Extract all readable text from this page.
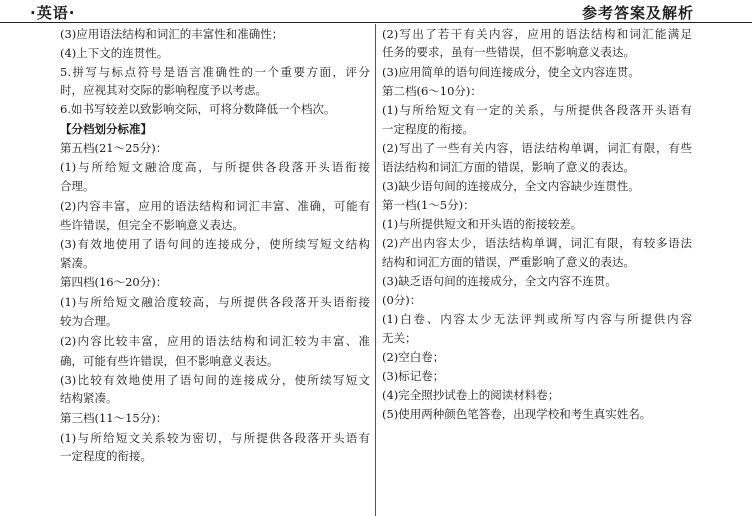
·英语·	参考答案及解析
(3)应用语法结构和词汇的丰富性和准确性；
(4)上下文的连贯性。
5.拼写与标点符号是语言准确性的一个重要方面，评分
时，应视其对交际的影响程度予以考虑。
6.如书写较差以致影响交际，可将分数降低一个档次。
【分档划分标准】
第五档(21～25分)：
(1)与所给短文融洽度高，与所提供各段落开头语衔接
合理。
(2)内容丰富，应用的语法结构和词汇丰富、准确，可能有
些许错误，但完全不影响意义表达。
(3)有效地使用了语句间的连接成分，使所续写短文结构
紧凑。
第四档(16～20分)：
(1)与所给短文融洽度较高，与所提供各段落开头语衔接
较为合理。
(2)内容比较丰富，应用的语法结构和词汇较为丰富、准
确，可能有些许错误，但不影响意义表达。
(3)比较有效地使用了语句间的连接成分，使所续写短文
结构紧凑。
第三档(11～15分)：
(1)与所给短文关系较为密切，与所提供各段落开头语有
一定程度的衔接。
(2)写出了若干有关内容，应用的语法结构和词汇能满足
任务的要求，虽有一些错误，但不影响意义表达。
(3)应用简单的语句间连接成分，使全文内容连贯。
第二档(6～10分)：
(1)与所给短文有一定的关系，与所提供各段落开头语有
一定程度的衔接。
(2)写出了一些有关内容，语法结构单调，词汇有限，有些
语法结构和词汇方面的错误，影响了意义的表达。
(3)缺少语句间的连接成分，全文内容缺少连贯性。
第一档(1～5分)：
(1)与所提供短文和开头语的衔接较差。
(2)产出内容太少，语法结构单调，词汇有限，有较多语法
结构和词汇方面的错误，严重影响了意义的表达。
(3)缺乏语句间的连接成分，全文内容不连贯。
(0分)：
(1)白卷、内容太少无法评判或所写内容与所提供内容
无关；
(2)空白卷；
(3)标记卷；
(4)完全照抄试卷上的阅读材料卷；
(5)使用两种颜色笔答卷，出现学校和考生真实姓名。
